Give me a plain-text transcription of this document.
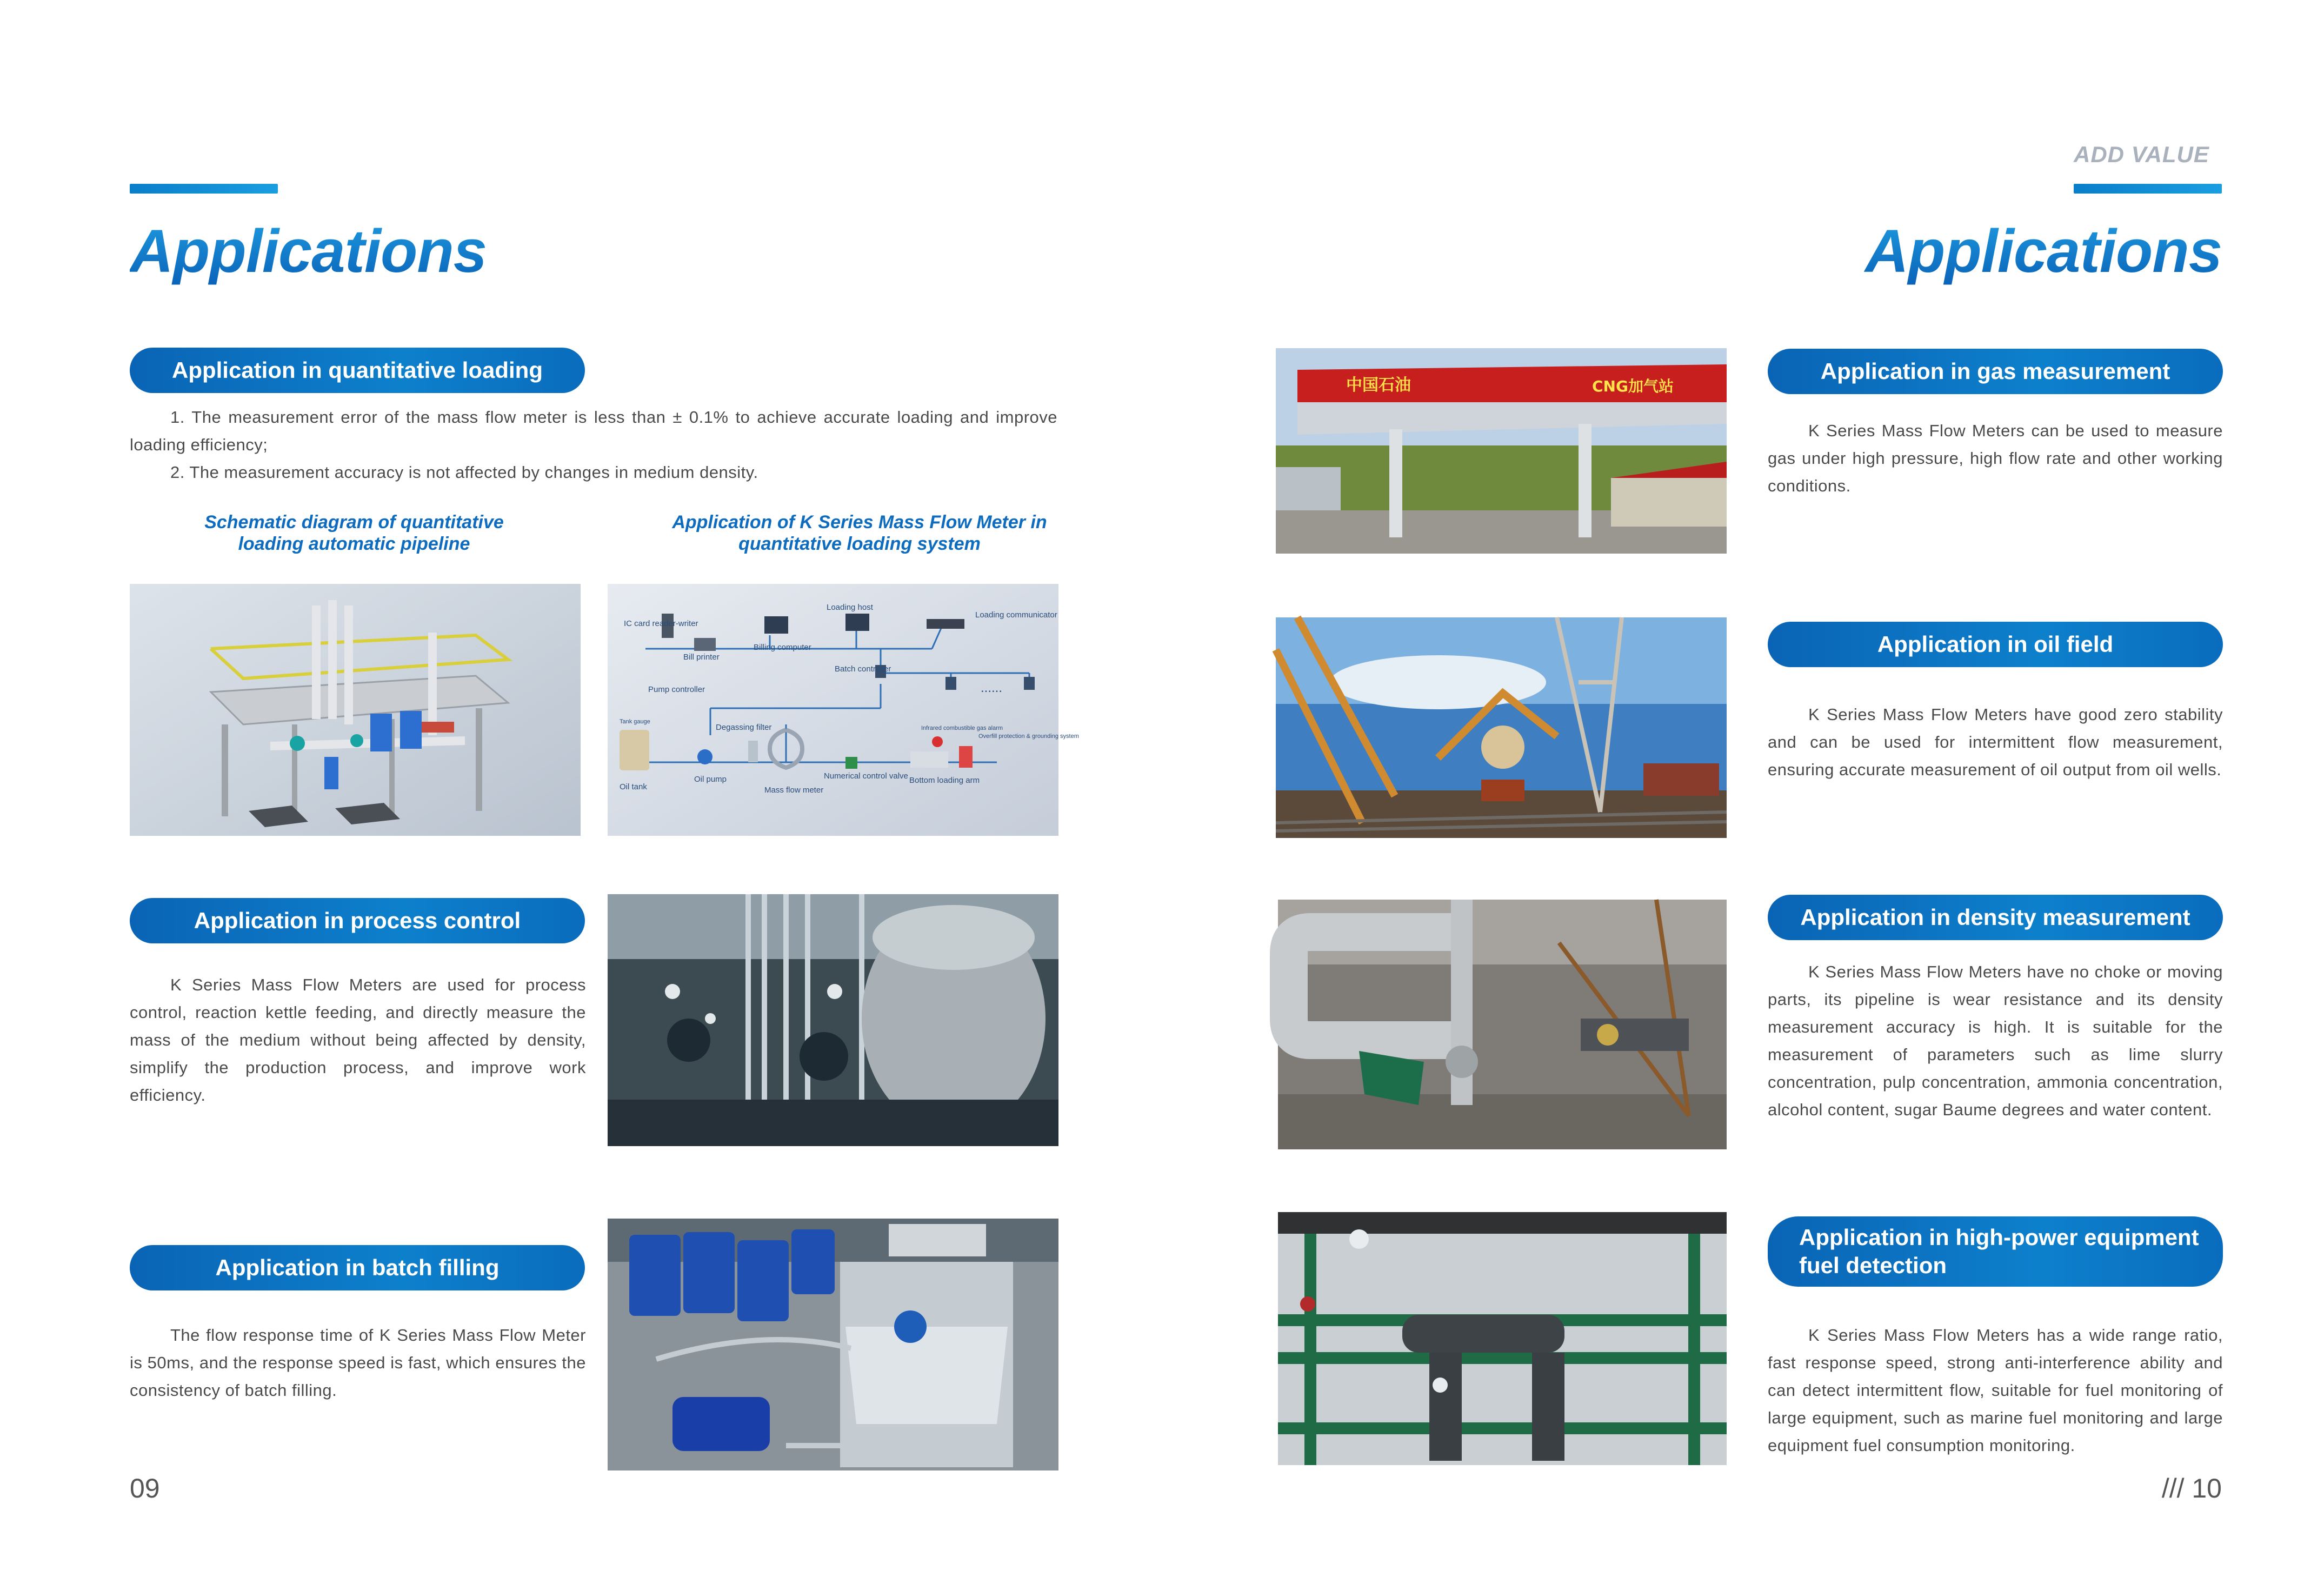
Applications
Application in quantitative loading

1. The measurement error of the mass flow meter is less than ± 0.1% to achieve accurate loading and improve loading efficiency;

2. The measurement accuracy is not affected by changes in medium density.

Schematic diagram of quantitative loading automatic pipeline
Application of K Series Mass Flow Meter in quantitative loading system
IC card reader-writer
Bill printer
Billing computer
Loading host
Loading communicator
Batch controller
Pump controller
Tank gauge
Oil tank
Oil pump
Degassing filter
Mass flow meter
Numerical control valve Bottom loading arm
......
Infrared combustible gas alarm
Overfill protection & grounding system
Application in process control

K Series Mass Flow Meters are used for process control, reaction kettle feeding, and directly measure the mass of the medium without being affected by density, simplify the production process, and improve work efficiency.

Application in batch filling

The flow response time of K Series Mass Flow Meter is 50ms, and the response speed is fast, which ensures the consistency of batch filling.

09
ADD VALUE
Applications
中国石油	CNG加气站
Application in gas measurement

K Series Mass Flow Meters can be used to measure gas under high pressure, high flow rate and other working conditions.

Application in oil field

K Series Mass Flow Meters have good zero stability and can be used for intermittent flow measurement, ensuring accurate measurement of oil output from oil wells.

Application in density measurement

K Series Mass Flow Meters have no choke or moving parts, its pipeline is wear resistance and its density measurement accuracy is high. It is suitable for the measurement of parameters such as lime slurry concentration, pulp concentration, ammonia concentration, alcohol content, sugar Baume degrees and water content.

Application in high-power equipment
fuel detection

K Series Mass Flow Meters has a wide range ratio, fast response speed, strong anti-interference ability and can detect intermittent flow, suitable for fuel monitoring of large equipment, such as marine fuel monitoring and large equipment fuel consumption monitoring.

/// 10
